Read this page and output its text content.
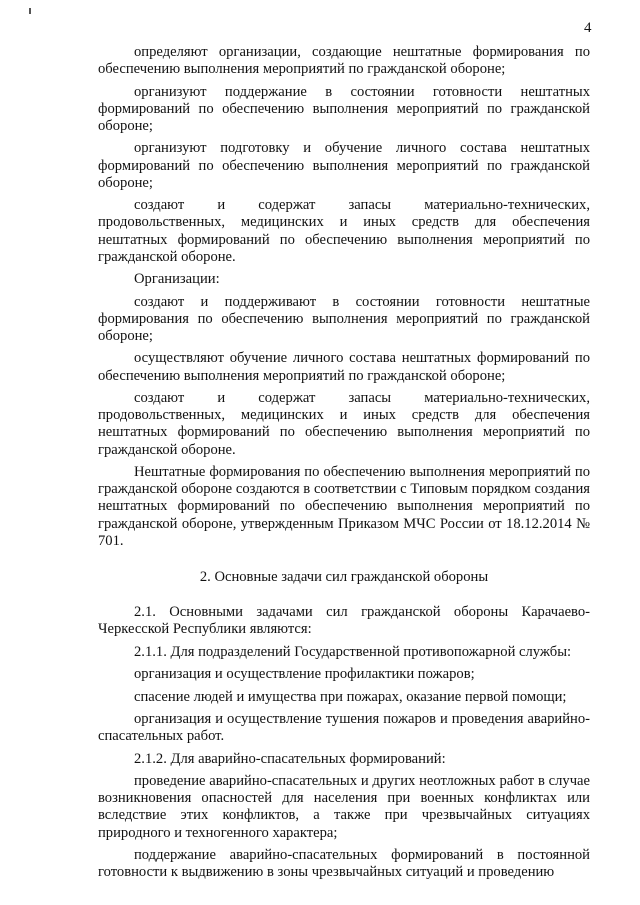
4

определяют организации, создающие нештатные формирования по обеспечению выполнения мероприятий по гражданской обороне;

организуют поддержание в состоянии готовности нештатных формирований по обеспечению выполнения мероприятий по гражданской обороне;

организуют подготовку и обучение личного состава нештатных формирований по обеспечению выполнения мероприятий по гражданской обороне;

создают и содержат запасы материально-технических, продовольственных, медицинских и иных средств для обеспечения нештатных формирований по обеспечению выполнения мероприятий по гражданской обороне.

Организации:

создают и поддерживают в состоянии готовности нештатные формирования по обеспечению выполнения мероприятий по гражданской обороне;

осуществляют обучение личного состава нештатных формирований по обеспечению выполнения мероприятий по гражданской обороне;

создают и содержат запасы материально-технических, продовольственных, медицинских и иных средств для обеспечения нештатных формирований по обеспечению выполнения мероприятий по гражданской обороне.

Нештатные формирования по обеспечению выполнения мероприятий по гражданской обороне создаются в соответствии с Типовым порядком создания нештатных формирований по обеспечению выполнения мероприятий по гражданской обороне, утвержденным Приказом МЧС России от 18.12.2014 № 701.

2. Основные задачи сил гражданской обороны

2.1. Основными задачами сил гражданской обороны Карачаево-Черкесской Республики являются:

2.1.1. Для подразделений Государственной противопожарной службы:

организация и осуществление профилактики пожаров;

спасение людей и имущества при пожарах, оказание первой помощи;

организация и осуществление тушения пожаров и проведения аварийно-спасательных работ.

2.1.2. Для аварийно-спасательных формирований:

проведение аварийно-спасательных и других неотложных работ в случае возникновения опасностей для населения при военных конфликтах или вследствие этих конфликтов, а также при чрезвычайных ситуациях природного и техногенного характера;

поддержание аварийно-спасательных формирований в постоянной готовности к выдвижению в зоны чрезвычайных ситуаций и проведению
